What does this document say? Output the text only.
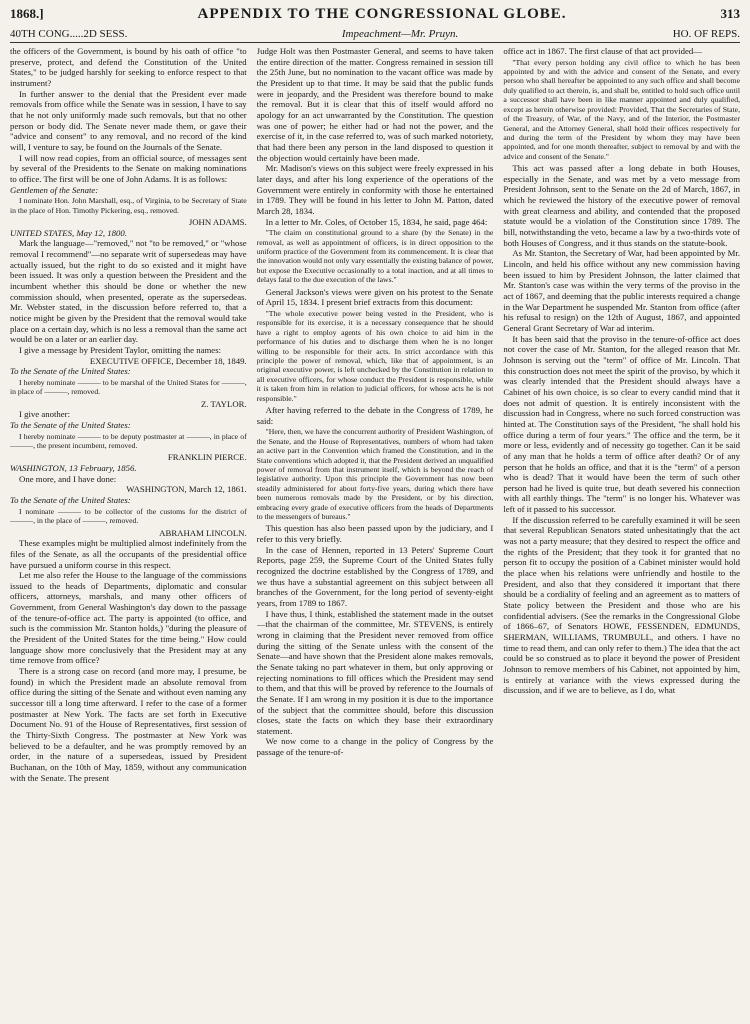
1868.]	APPENDIX TO THE CONGRESSIONAL GLOBE.	313
40TH CONG.....2D SESS.	Impeachment—Mr. Pruyn.	HO. OF REPS.

the officers of the Government, is bound by his oath of office "to preserve, protect, and defend the Constitution of the United States," to be judged harshly for seeking to enforce respect to that instrument?

In further answer to the denial that the President ever made removals from office while the Senate was in session, I have to say that he not only uniformly made such removals, but that no other person or body did. The Senate never made them, or gave their "advice and consent" to any removal, and no record of the kind will, I venture to say, be found on the Journals of the Senate.

I will now read copies, from an official source, of messages sent by several of the Presidents to the Senate on making nominations to office. The first will be one of John Adams. It is as follows:

Gentlemen of the Senate:

I nominate Hon. John Marshall, esq., of Virginia, to be Secretary of State in the place of Hon. Timothy Pickering, esq., removed.

JOHN ADAMS.

UNITED STATES, May 12, 1800.

Mark the language—"removed," not "to be removed," or "whose removal I recommend"—no separate writ of supersedeas may have actually issued, but the right to do so existed and it might have been issued. It was only a question between the President and the incumbent whether this should be done or whether the new commission should, when presented, operate as the supersedeas. Mr. Webster stated, in the discussion before referred to, that a notice might be given by the President that the removal would take place on a certain day, which is no less a removal than the same act would be on a later or an earlier day.

I give a message by President Taylor, omitting the names:

EXECUTIVE OFFICE, December 18, 1849.

To the Senate of the United States:

I hereby nominate ——— to be marshal of the United States for ———, in place of ———, removed.

Z. TAYLOR.

I give another:

To the Senate of the United States:

I hereby nominate ——— to be deputy postmaster at ———, in place of ———, the present incumbent, removed.

FRANKLIN PIERCE.

WASHINGTON, 13 February, 1856.

One more, and I have done:

WASHINGTON, March 12, 1861.

To the Senate of the United States:

I nominate ——— to be collector of the customs for the district of ———, in the place of ———, removed.

ABRAHAM LINCOLN.

These examples might be multiplied almost indefinitely from the files of the Senate, as all the occupants of the presidential office have pursued a uniform course in this respect.

Let me also refer the House to the language of the commissions issued to the heads of Departments, diplomatic and consular officers, attorneys, marshals, and many other officers of Government, from General Washington's day down to the passage of the tenure-of-office act. The party is appointed (to office, and such is the commission Mr. Stanton holds,) "during the pleasure of the President of the United States for the time being." How could language show more conclusively that the President may at any time remove from office?

There is a strong case on record (and more may, I presume, be found) in which the President made an absolute removal from office during the sitting of the Senate and without even naming any successor till a long time afterward. I refer to the case of a former postmaster at New York. The facts are set forth in Executive Document No. 91 of the House of Representatives, first session of the Thirty-Sixth Congress. The postmaster at New York was believed to be a defaulter, and he was promptly removed by an order, in the nature of a supersedeas, issued by President Buchanan, on the 10th of May, 1859, without any communication with the Senate. The present

Judge Holt was then Postmaster General, and seems to have taken the entire direction of the matter. Congress remained in session till the 25th June, but no nomination to the vacant office was made by the President up to that time. It may be said that the public funds were in jeopardy, and the President was therefore bound to make the removal. But it is clear that this of itself would afford no apology for an act unwarranted by the Constitution. The question was one of power; he either had or had not the power, and the exercise of it, in the case referred to, was of such marked notoriety, that had there been any person in the land disposed to question it the objection would certainly have been made.

Mr. Madison's views on this subject were freely expressed in his later days, and after his long experience of the operations of the Government were entirely in conformity with those he entertained in 1789. They will be found in his letter to John M. Patton, dated March 28, 1834.

In a letter to Mr. Coles, of October 15, 1834, he said, page 464:

"The claim on constitutional ground to a share (by the Senate) in the removal, as well as appointment of officers, is in direct opposition to the uniform practice of the Government from its commencement. It is clear that the innovation would not only vary essentially the existing balance of power, but expose the Executive occasionally to a total inaction, and at all times to delays fatal to the due execution of the laws."

General Jackson's views were given on his protest to the Senate of April 15, 1834. I present brief extracts from this document:

"The whole executive power being vested in the President, who is responsible for its exercise, it is a necessary consequence that he should have a right to employ agents of his own choice to aid him in the performance of his duties and to discharge them when he is no longer willing to be responsible for their acts. In strict accordance with this principle the power of removal, which, like that of appointment, is an original executive power, is left unchecked by the Constitution in relation to all executive officers, for whose conduct the President is responsible, while it is taken from him in relation to judicial officers, for whose acts he is not responsible."

After having referred to the debate in the Congress of 1789, he said:

"Here, then, we have the concurrent authority of President Washington, of the Senate, and the House of Representatives, numbers of whom had taken an active part in the Convention which framed the Constitution, and in the State conventions which adopted it, that the President derived an unqualified power of removal from that instrument itself, which is beyond the reach of legislative authority. Upon this principle the Government has now been steadily administered for about forty-five years, during which there have been numerous removals made by the President, or by his direction, embracing every grade of executive officers from the heads of Departments to the messengers of bureaus."

This question has also been passed upon by the judiciary, and I refer to this very briefly.

In the case of Hennen, reported in 13 Peters' Supreme Court Reports, page 259, the Supreme Court of the United States fully recognized the doctrine established by the Congress of 1789, and we thus have a substantial agreement on this subject between all branches of the Government, for the long period of seventy-eight years, from 1789 to 1867.

I have thus, I think, established the statement made in the outset—that the chairman of the committee, Mr. STEVENS, is entirely wrong in claiming that the President never removed from office during the sitting of the Senate unless with the consent of the Senate—and have shown that the President alone makes removals, the Senate taking no part whatever in them, but only approving or rejecting nominations to fill offices which the President may send to them, and that this will be proved by reference to the Journals of the Senate. If I am wrong in my position it is due to the importance of the subject that the committee should, before this discussion closes, state the facts on which they base their extraordinary statement.

We now come to a change in the policy of Congress by the passage of the tenure-of-

office act in 1867. The first clause of that act provided—

"That every person holding any civil office to which he has been appointed by and with the advice and consent of the Senate, and every person who shall hereafter be appointed to any such office and shall become duly qualified to act therein, is, and shall be, entitled to hold such office until a successor shall have been in like manner appointed and duly qualified, except as herein otherwise provided: Provided, That the Secretaries of State, of the Treasury, of War, of the Navy, and of the Interior, the Postmaster General, and the Attorney General, shall hold their offices respectively for and during the term of the President by whom they may have been appointed, and for one month thereafter, subject to removal by and with the advice and consent of the Senate."

This act was passed after a long debate in both Houses, especially in the Senate, and was met by a veto message from President Johnson, sent to the Senate on the 2d of March, 1867, in which he reviewed the history of the executive power of removal with great clearness and ability, and contended that the proposed statute would be a violation of the Constitution since 1789. The bill, notwithstanding the veto, became a law by a two-thirds vote of both Houses of Congress, and it thus stands on the statute-book.

As Mr. Stanton, the Secretary of War, had been appointed by Mr. Lincoln, and held his office without any new commission having been issued to him by President Johnson, the latter claimed that Mr. Stanton's case was within the very terms of the proviso in the act of 1867, and deeming that the public interests required a change in the War Department he suspended Mr. Stanton from office (after his refusal to resign) on the 12th of August, 1867, and appointed General Grant Secretary of War ad interim.

It has been said that the proviso in the tenure-of-office act does not cover the case of Mr. Stanton, for the alleged reason that Mr. Johnson is serving out the "term" of office of Mr. Lincoln. That this construction does not meet the spirit of the proviso, by which it was clearly intended that the President should always have a Cabinet of his own choice, is so clear to every candid mind that it does not admit of question. It is entirely inconsistent with the discussion had in Congress, where no such forced construction was hinted at. The Constitution says of the President, "he shall hold his office during a term of four years." The office and the term, be it more or less, evidently and of necessity go together. Can it be said of any man that he holds a term of office after death? Or of any person that he holds an office, and that it is the "term" of a person who is dead? That it would have been the term of such other person had he lived is quite true, but death severed his connection with all earthly things. The "term" is no longer his. Whatever was left of it passed to his successor.

If the discussion referred to be carefully examined it will be seen that several Republican Senators stated unhesitatingly that the act was not a party measure; that they desired to respect the office and the rights of the President; that they took it for granted that no person fit to occupy the position of a Cabinet minister would hold the place when his relations were unfriendly and hostile to the President, and also that they considered it important that there should be a cordiality of feeling and an agreement as to matters of State policy between the President and those who are his confidential advisers. (See the remarks in the Congressional Globe of 1866–67, of Senators HOWE, FESSENDEN, EDMUNDS, SHERMAN, WILLIAMS, TRUMBULL, and others. I have no time to read them, and can only refer to them.) The idea that the act could be so construed as to place it beyond the power of President Johnson to remove members of his Cabinet, not appointed by him, is entirely at variance with the views expressed during the discussion, and if we are to believe, as I do, what
